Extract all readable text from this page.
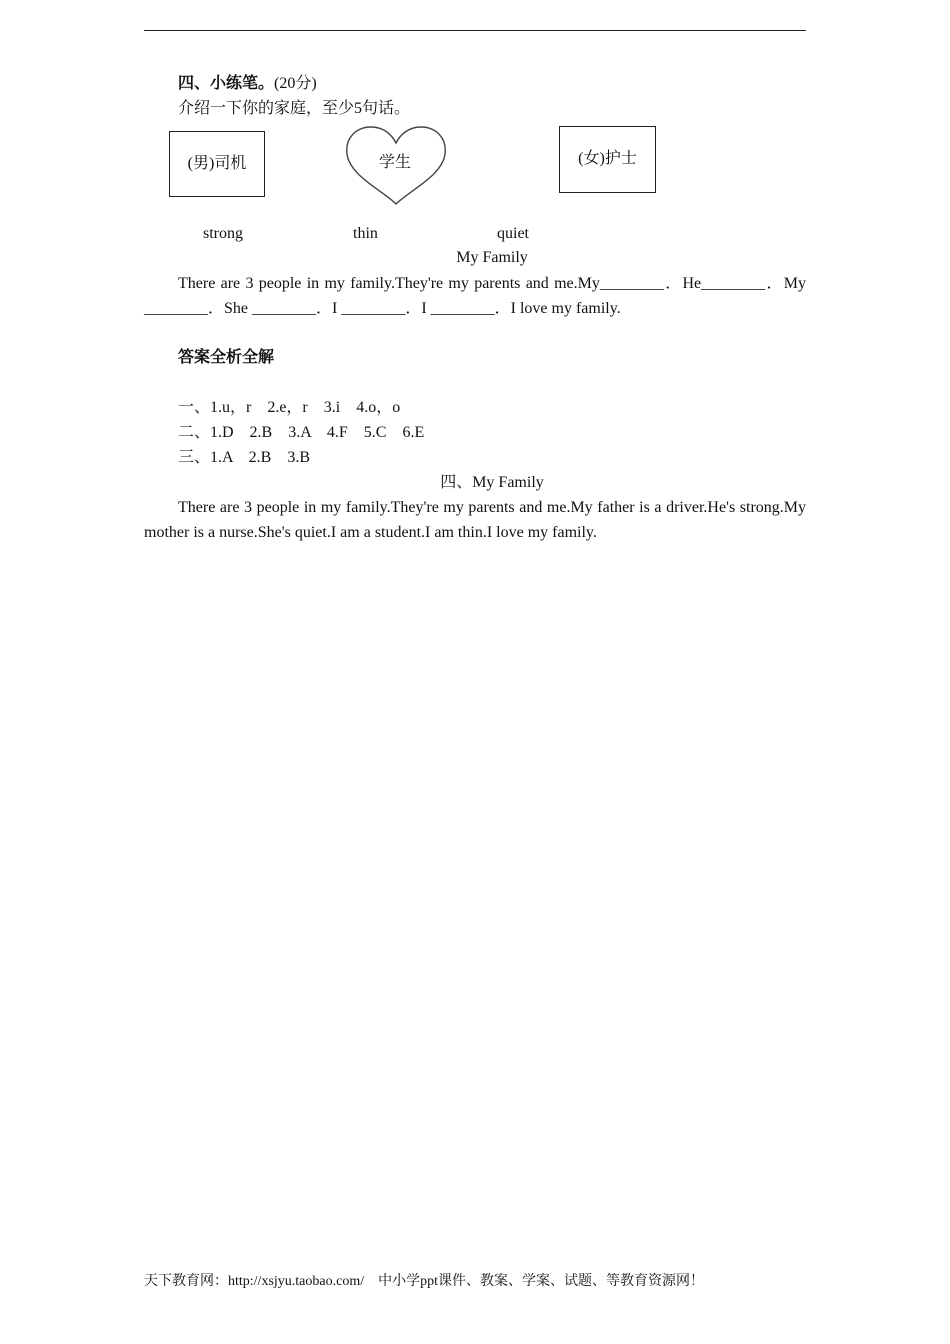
四、小练笔。(20分)
介绍一下你的家庭，至少5句话。
(男)司机	学生	(女)护士
strong	thin	quiet
My Family
There are 3 people in my family.They're my parents and me.My________．He________．My ________．She ________．I ________．I ________．I love my family.
答案全析全解
一、1.u，r　2.e，r　3.i　4.o，o
二、1.D　2.B　3.A　4.F　5.C　6.E
三、1.A　2.B　3.B
四、My Family
There are 3 people in my family.They're my parents and me.My father is a driver.He's strong.My mother is a nurse.She's quiet.I am a student.I am thin.I love my family.
天下教育网：http://xsjyu.taobao.com/　中小学ppt课件、教案、学案、试题、等教育资源网！
